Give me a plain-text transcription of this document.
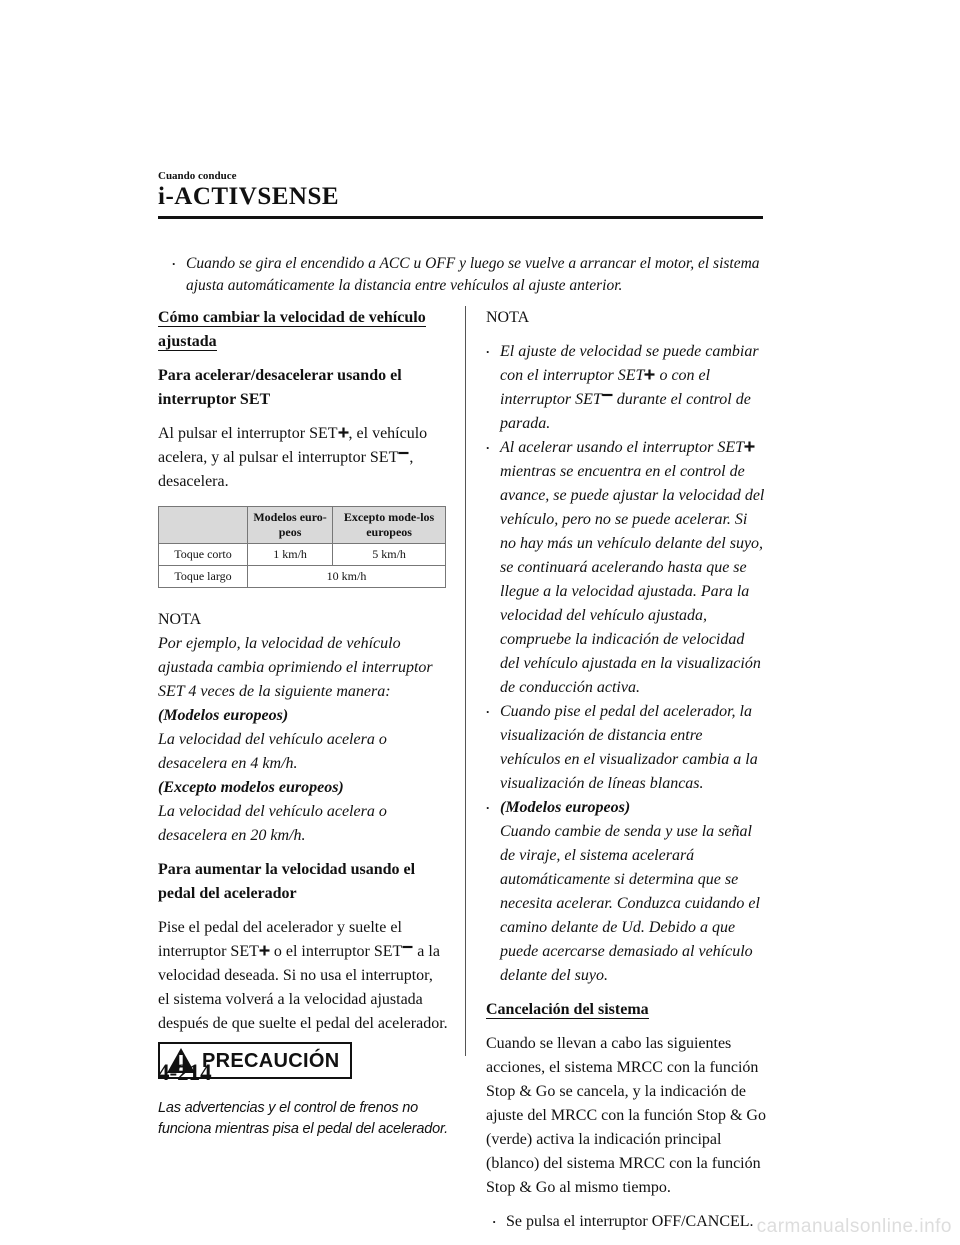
Cuando conduce
i-ACTIVSENSE
· Cuando se gira el encendido a ACC u OFF y luego se vuelve a arrancar el motor, el sistema ajusta automáticamente la distancia entre vehículos al ajuste anterior.
Cómo cambiar la velocidad de vehículo ajustada

Para acelerar/desacelerar usando el interruptor SET

Al pulsar el interruptor SET , el vehículo acelera, y al pulsar el interruptor SET , desacelera.

	Modelos euro-peos	Excepto mode-los europeos
Toque corto	1 km/h	5 km/h
Toque largo	10 km/h	

NOTA

Por ejemplo, la velocidad de vehículo ajustada cambia oprimiendo el interruptor SET 4 veces de la siguiente manera:

(Modelos europeos)

La velocidad del vehículo acelera o desacelera en 4 km/h.

(Excepto modelos europeos)

La velocidad del vehículo acelera o desacelera en 20 km/h.

Para aumentar la velocidad usando el pedal del acelerador

Pise el pedal del acelerador y suelte el interruptor SET o el interruptor SET a la velocidad deseada. Si no usa el interruptor, el sistema volverá a la velocidad ajustada después de que suelte el pedal del acelerador.

PRECAUCIÓN

Las advertencias y el control de frenos no funciona mientras pisa el pedal del acelerador.

NOTA

· El ajuste de velocidad se puede cambiar con el interruptor SET o con el interruptor SET durante el control de parada.
· Al acelerar usando el interruptor SET mientras se encuentra en el control de avance, se puede ajustar la velocidad del vehículo, pero no se puede acelerar. Si no hay más un vehículo delante del suyo, se continuará acelerando hasta que se llegue a la velocidad ajustada. Para la velocidad del vehículo ajustada, compruebe la indicación de velocidad del vehículo ajustada en la visualización de conducción activa.
· Cuando pise el pedal del acelerador, la visualización de distancia entre vehículos en el visualizador cambia a la visualización de líneas blancas.
· (Modelos europeos)
Cuando cambie de senda y use la señal de viraje, el sistema acelerará automáticamente si determina que se necesita acelerar. Conduzca cuidando el camino delante de Ud. Debido a que puede acercarse demasiado al vehículo delante del suyo.
Cancelación del sistema

Cuando se llevan a cabo las siguientes acciones, el sistema MRCC con la función Stop & Go se cancela, y la indicación de ajuste del MRCC con la función Stop & Go (verde) activa la indicación principal (blanco) del sistema MRCC con la función Stop & Go al mismo tiempo.

· Se pulsa el interruptor OFF/CANCEL.
4-214
carmanualsonline.info
